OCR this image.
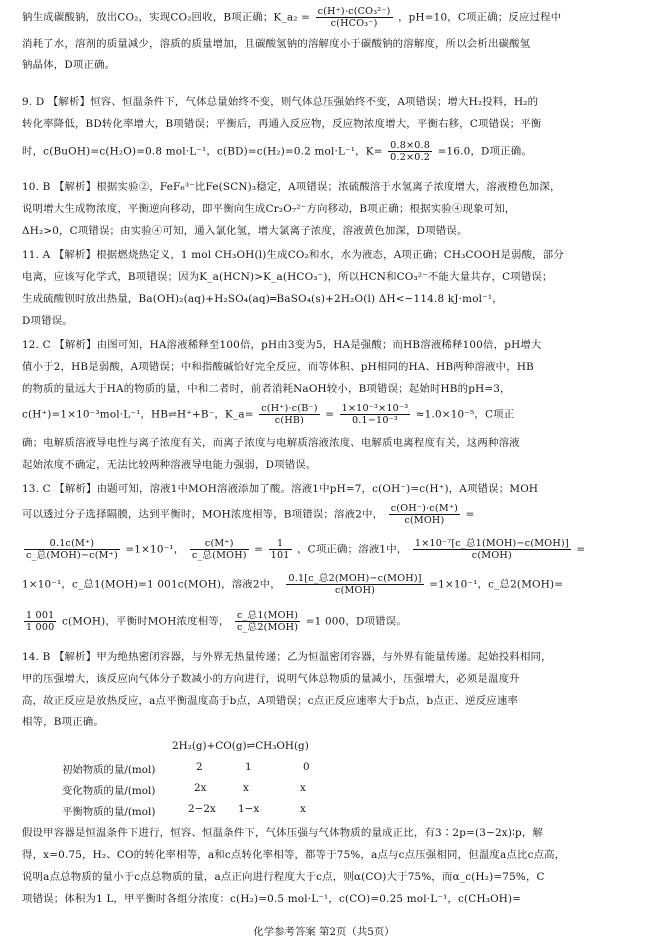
钠生成碳酸钠，放出CO₂，实现CO₂回收，B项正确；K_a₂ = $\frac{\text{c(H⁺)·c(CO₃²⁻)}}{\text{c(HCO₃⁻)}}$ ，pH=10，C项正确；反应过程中
消耗了水，溶剂的质量减少，溶质的质量增加，且碳酸氢钠的溶解度小于碳酸钠的溶解度，所以会析出碳酸氢
钠晶体，D项正确。
9. D 【解析】恒容、恒温条件下，气体总量始终不变，则气体总压强始终不变，A项错误；增大H₂投料，H₂的
转化率降低，BD转化率增大，B项错误；平衡后，再通入反应物，反应物浓度增大，平衡右移，C项错误；平衡
时，c(BuOH)=c(H₂O)=0.8 mol·L⁻¹，c(BD)=c(H₂)=0.2 mol·L⁻¹，$K= \frac{0.8\times 0.8}{0.2\times 0.2} =16.0$，D项正确。
10. B 【解析】根据实验②，FeF₆³⁻比Fe(SCN)₃稳定，A项错误；浓硫酸溶于水氢离子浓度增大，溶液橙色加深，
说明增大生成物浓度，平衡逆向移动，即平衡向生成Cr₂O₇²⁻方向移动，B项正确；根据实验④现象可知，
ΔH₂>0，C项错误；由实验④可知，通入氯化氢，增大氯离子浓度，溶液黄色加深，D项错误。
11. A 【解析】根据燃烧热定义，1 mol CH₃OH(l)生成CO₂和水，水为液态，A项正确；CH₃COOH是弱酸，部分
电离，应该写化学式，B项错误；因为K_a(HCN)>K_a(HCO₃⁻)，所以HCN和CO₃²⁻不能大量共存，C项错误；
生成硫酸钡时放出热量，Ba(OH)₂(aq)+H₂SO₄(aq)═BaSO₄(s)+2H₂O(l) ΔH<−114.8 kJ·mol⁻¹，
D项错误。
12. C 【解析】由图可知，HA溶液稀释至100倍，pH由3变为5，HA是强酸；而HB溶液稀释100倍，pH增大
值小于2，HB是弱酸，A项错误；中和指酸碱恰好完全反应，而等体积、pH相同的HA、HB两种溶液中，HB
的物质的量远大于HA的物质的量，中和二者时，前者消耗NaOH较小，B项错误；起始时HB的pH=3，
c(H⁺)=1×10⁻³mol·L⁻¹，HB⇌H⁺+B⁻，K_a= $\frac{c(H^+)\cdot c(B^-)}{c(HB)} = \frac{\text{1×10⁻³×10⁻³}}{\text{0.1−10⁻³}} \approx 1.0\times 10^{-5}$，C项正
确；电解质溶液导电性与离子浓度有关，而离子浓度与电解质溶液浓度、电解质电离程度有关，这两种溶液
起始浓度不确定，无法比较两种溶液导电能力强弱，D项错误。
13. C 【解析】由题可知，溶液1中MOH溶液添加了酸。溶液1中pH=7，c(OH⁻)=c(H⁺)，A项错误；MOH
可以透过分子选择隔膜，达到平衡时，MOH浓度相等，B项错误；溶液2中， $\frac{c(OH^-)\cdot c(M^+)}{\text{c(MOH)}}$ =
$\frac{0.1c(M^+)}{\text{c\_总(MOH)−c(M⁺)}} =1\times 10^{-1}$， $\frac{c(M^+)}{\text{c\_总(MOH)}} = \frac{1}{101}$ ，C项正确；溶液1中， $\frac{\text{1×10⁻⁷[c\_总1(MOH)−c(MOH)]}}{\text{c(MOH)}}$ =
1×10⁻¹，c_总1(MOH)=1 001c(MOH)，溶液2中， $\frac{\text{0.1[c\_总2(MOH)−c(MOH)]}}{\text{c(MOH)}} =1\times 10^{-1}$，c_总2(MOH)=
$\frac{1 001}{1 000} c(MOH)$，平衡时MOH浓度相等， $\frac{\text{c\_总1(MOH)}}{\text{c\_总2(MOH)}} =1$ 000，D项错误。
14. B 【解析】甲为绝热密闭容器，与外界无热量传递；乙为恒温密闭容器，与外界有能量传递。起始投料相同，
甲的压强增大，该反应向气体分子数减小的方向进行，说明气体总物质的量减小，压强增大，必须是温度升
高，故正反应是放热反应，a点平衡温度高于b点，A项错误；c点正反应速率大于b点，b点正、逆反应速率
相等，B项正确。
2H₂(g)+CO(g)⇌CH₃OH(g)
初始物质的量/(mol)	2	1	0
变化物质的量/(mol)	2x	x	x
平衡物质的量/(mol)	2−2x 1−x	x
假设甲容器是恒温条件下进行，恒容、恒温条件下，气体压强与气体物质的量成正比，有3∶2p=(3−2x)∶p，解
得，x=0.75，H₂、CO的转化率相等，a和c点转化率相等，都等于75%，a点与c点压强相同，但温度a点比c点高，
说明a点总物质的量小于c点总物质的量，a点正向进行程度大于c点，则α(CO)大于75%，而α_c(H₂)=75%，C
项错误；体积为1 L，甲平衡时各组分浓度：c(H₂)=0.5 mol·L⁻¹，c(CO)=0.25 mol·L⁻¹，c(CH₃OH)=
化学参考答案 第2页（共5页）
